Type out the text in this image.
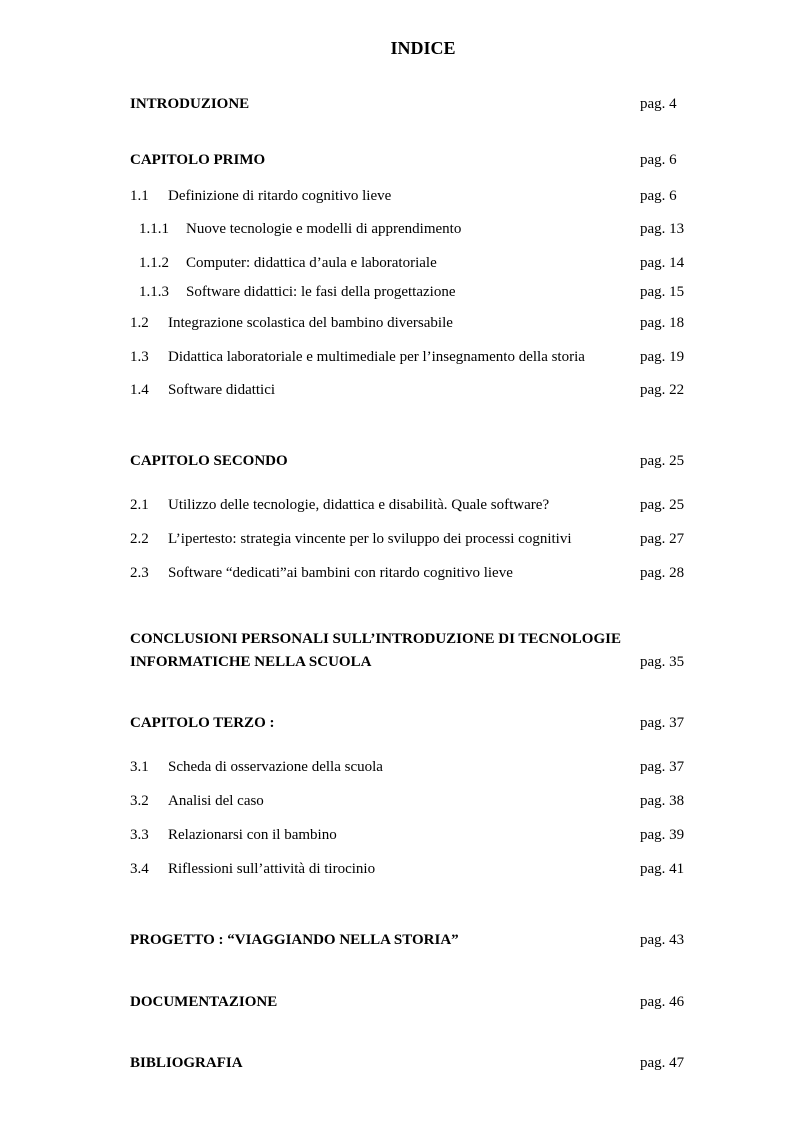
INDICE
INTRODUZIONE	pag. 4
CAPITOLO PRIMO	pag. 6
1.1 Definizione di ritardo cognitivo lieve	pag. 6
1.1.1 Nuove tecnologie e modelli di apprendimento	pag. 13
1.1.2 Computer: didattica d’aula e laboratoriale	pag. 14
1.1.3 Software didattici: le fasi della progettazione	pag. 15
1.2 Integrazione scolastica del bambino diversabile	pag. 18
1.3 Didattica laboratoriale e multimediale per l’insegnamento della storia	pag. 19
1.4 Software didattici	pag. 22
CAPITOLO SECONDO	pag. 25
2.1 Utilizzo delle tecnologie, didattica e disabilità. Quale software?	pag. 25
2.2 L’ipertesto: strategia vincente per lo sviluppo dei processi cognitivi	pag. 27
2.3 Software “dedicati”ai bambini con ritardo cognitivo lieve	pag. 28
CONCLUSIONI PERSONALI SULL’INTRODUZIONE DI TECNOLOGIE
INFORMATICHE NELLA SCUOLA	pag. 35
CAPITOLO TERZO :	pag. 37
3.1 Scheda di osservazione della scuola	pag. 37
3.2 Analisi del caso	pag. 38
3.3 Relazionarsi con il bambino	pag. 39
3.4 Riflessioni sull’attività di tirocinio	pag. 41
PROGETTO : “VIAGGIANDO NELLA STORIA”	pag. 43
DOCUMENTAZIONE	pag. 46
BIBLIOGRAFIA	pag. 47
